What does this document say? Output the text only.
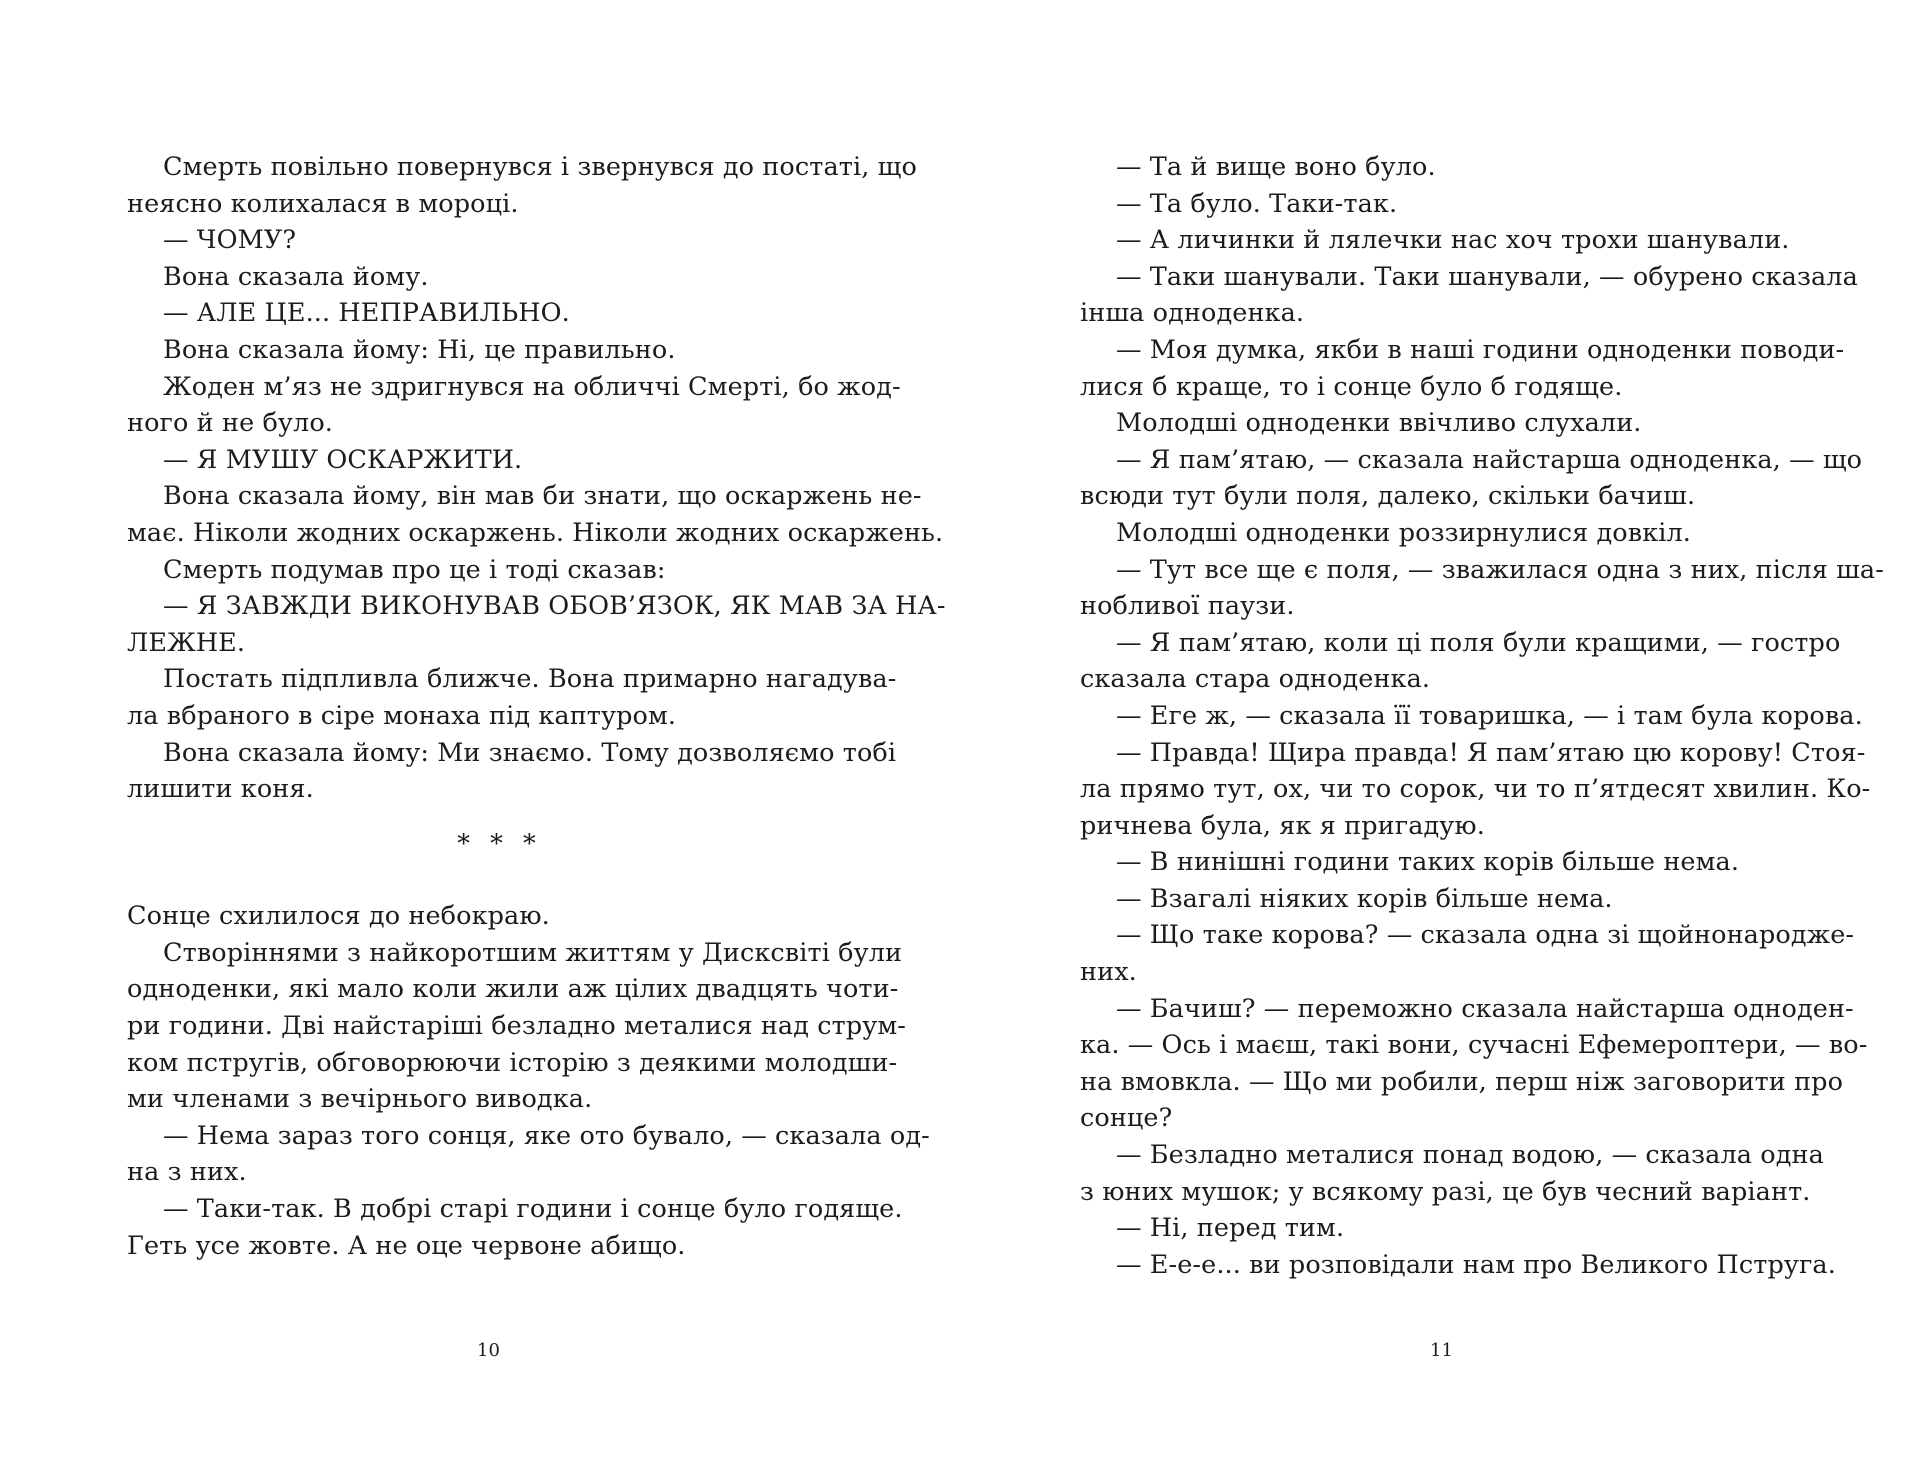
Смерть повільно повернувся і звернувся до постаті, що
неясно колихалася в мороці.
— ЧОМУ?
Вона сказала йому.
— АЛЕ ЦЕ... НЕПРАВИЛЬНО.
Вона сказала йому: Ні, це правильно.
Жоден м’яз не здригнувся на обличчі Смерті, бо жод-
ного й не було.
— Я МУШУ ОСКАРЖИТИ.
Вона сказала йому, він мав би знати, що оскаржень не-
має. Ніколи жодних оскаржень. Ніколи жодних оскаржень.
Смерть подумав про це і тоді сказав:
— Я ЗАВЖДИ ВИКОНУВАВ ОБОВ’ЯЗОК, ЯК МАВ ЗА НА-
ЛЕЖНЕ.
Постать підпливла ближче. Вона примарно нагадува-
ла вбраного в сіре монаха під каптуром.
Вона сказала йому: Ми знаємо. Тому дозволяємо тобі
лишити коня.
* * *
Сонце схилилося до небокраю.
Створіннями з найкоротшим життям у Дисксвіті були
одноденки, які мало коли жили аж цілих двадцять чоти-
ри години. Дві найстаріші безладно металися над струм-
ком пстругів, обговорюючи історію з деякими молодши-
ми членами з вечірнього виводка.
— Нема зараз того сонця, яке ото бувало, — сказала од-
на з них.
— Таки-так. В добрі старі години і сонце було годяще.
Геть усе жовте. А не оце червоне абищо.
10
— Та й вище воно було.
— Та було. Таки-так.
— А личинки й лялечки нас хоч трохи шанували.
— Таки шанували. Таки шанували, — обурено сказала
інша одноденка.
— Моя думка, якби в наші години одноденки поводи-
лися б краще, то і сонце було б годяще.
Молодші одноденки ввічливо слухали.
— Я пам’ятаю, — сказала найстарша одноденка, — що
всюди тут були поля, далеко, скільки бачиш.
Молодші одноденки роззирнулися довкіл.
— Тут все ще є поля, — зважилася одна з них, після ша-
нобливої паузи.
— Я пам’ятаю, коли ці поля були кращими, — гостро
сказала стара одноденка.
— Еге ж, — сказала її товаришка, — і там була корова.
— Правда! Щира правда! Я пам’ятаю цю корову! Стоя-
ла прямо тут, ох, чи то сорок, чи то п’ятдесят хвилин. Ко-
ричнева була, як я пригадую.
— В нинішні години таких корів більше нема.
— Взагалі ніяких корів більше нема.
— Що таке корова? — сказала одна зі щойнонароджe-
них.
— Бачиш? — переможно сказала найстарша одноден-
ка. — Ось і маєш, такі вони, сучасні Ефемероптери, — во-
на вмовкла. — Що ми робили, перш ніж заговорити про
сонце?
— Безладно металися понад водою, — сказала одна
з юних мушок; у всякому разі, це був чесний варіант.
— Ні, перед тим.
— Е-е-е... ви розповідали нам про Великого Пструга.
11
